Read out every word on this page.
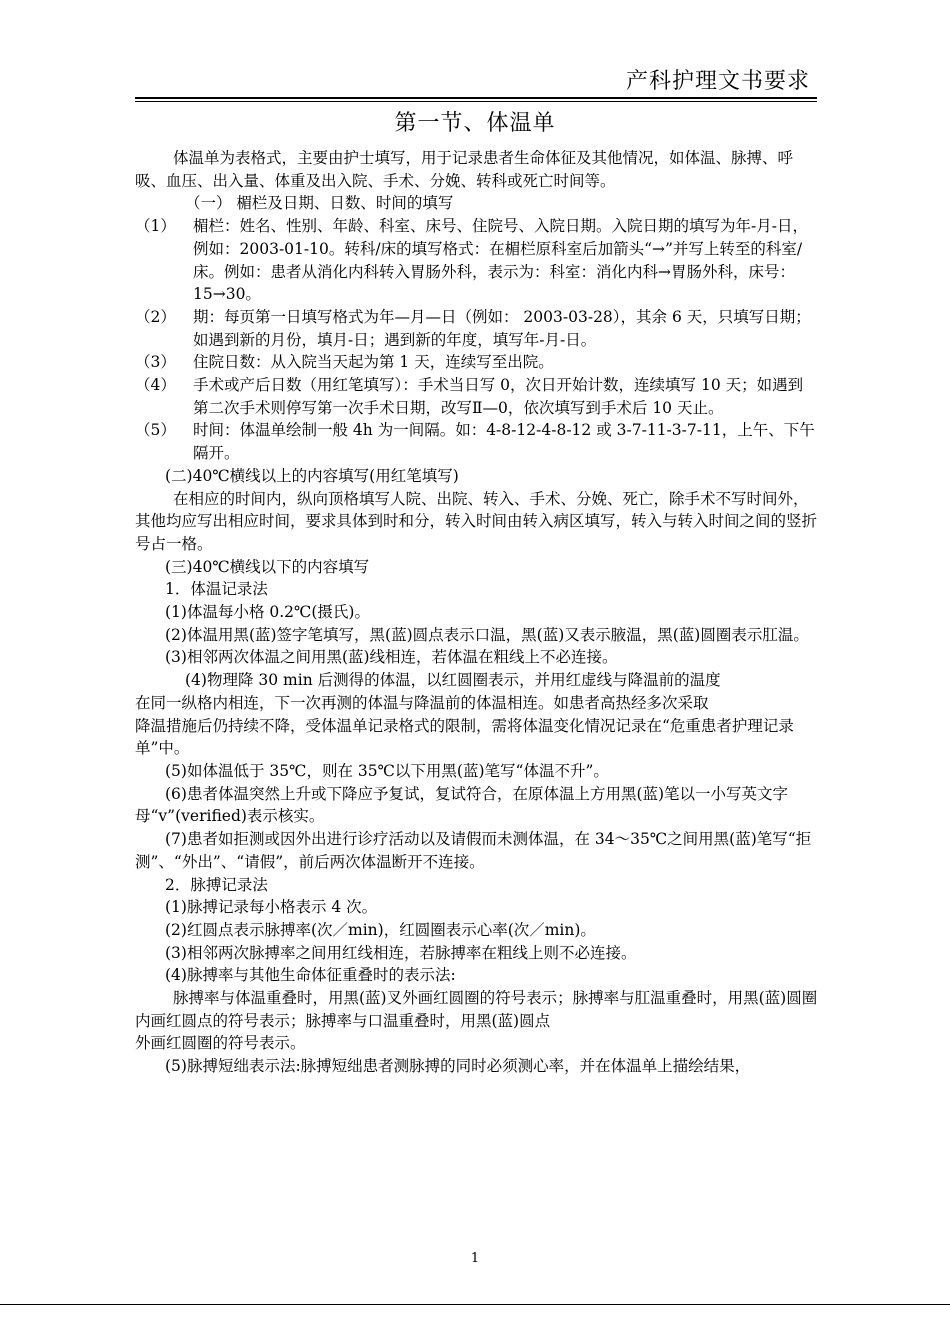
产科护理文书要求
第一节、体温单

体温单为表格式，主要由护士填写，用于记录患者生命体征及其他情况，如体温、脉搏、呼吸、血压、出入量、体重及出入院、手术、分娩、转科或死亡时间等。

（一） 楣栏及日期、日数、时间的填写

（1）	楣栏：姓名、性别、年龄、科室、床号、住院号、入院日期。入院日期的填写为年-月-日，例如：2003-01-10。转科/床的填写格式：在楣栏原科室后加箭头“→”并写上转至的科室/床。例如：患者从消化内科转入胃肠外科，表示为：科室：消化内科→胃肠外科，床号： 15→30。
（2）	期：每页第一日填写格式为年—月—日（例如： 2003-03-28），其余 6 天，只填写日期；如遇到新的月份，填月-日；遇到新的年度，填写年-月-日。
（3）	住院日数：从入院当天起为第 1 天，连续写至出院。
（4）	手术或产后日数（用红笔填写）：手术当日写 0，次日开始计数，连续填写 10 天；如遇到第二次手术则停写第一次手术日期，改写Ⅱ—0，依次填写到手术后 10 天止。
（5）	时间：体温单绘制一般 4h 为一间隔。如：4-8-12-4-8-12 或 3-7-11-3-7-11，上午、下午隔开。

(二)40℃横线以上的内容填写(用红笔填写)

在相应的时间内，纵向顶格填写人院、出院、转入、手术、分娩、死亡，除手术不写时间外，其他均应写出相应时间，要求具体到时和分，转入时间由转入病区填写，转入与转入时间之间的竖折号占一格。

(三)40℃横线以下的内容填写

1．体温记录法

(1)体温每小格 0.2℃(摄氏)。

(2)体温用黑(蓝)签字笔填写，黑(蓝)圆点表示口温，黑(蓝)又表示腋温，黑(蓝)圆圈表示肛温。

(3)相邻两次体温之间用黑(蓝)线相连，若体温在粗线上不必连接。

(4)物理降 30 min 后测得的体温，以红圆圈表示，并用红虚线与降温前的温度

在同一纵格内相连，下一次再测的体温与降温前的体温相连。如患者高热经多次采取

降温措施后仍持续不降，受体温单记录格式的限制，需将体温变化情况记录在“危重患者护理记录单”中。

(5)如体温低于 35℃，则在 35℃以下用黑(蓝)笔写“体温不升”。

(6)患者体温突然上升或下降应予复试，复试符合，在原体温上方用黑(蓝)笔以一小写英文字母“v”(verified)表示核实。

(7)患者如拒测或因外出进行诊疗活动以及请假而未测体温，在 34～35℃之间用黑(蓝)笔写“拒测”、“外出”、“请假”，前后两次体温断开不连接。

2．脉搏记录法

(1)脉搏记录每小格表示 4 次。

(2)红圆点表示脉搏率(次／min)，红圆圈表示心率(次／min)。

(3)相邻两次脉搏率之间用红线相连，若脉搏率在粗线上则不必连接。

(4)脉搏率与其他生命体征重叠时的表示法:

脉搏率与体温重叠时，用黑(蓝)叉外画红圆圈的符号表示；脉搏率与肛温重叠时，用黑(蓝)圆圈内画红圆点的符号表示；脉搏率与口温重叠时，用黑(蓝)圆点

外画红圆圈的符号表示。

(5)脉搏短绌表示法:脉搏短绌患者测脉搏的同时必须测心率，并在体温单上描绘结果，

1
